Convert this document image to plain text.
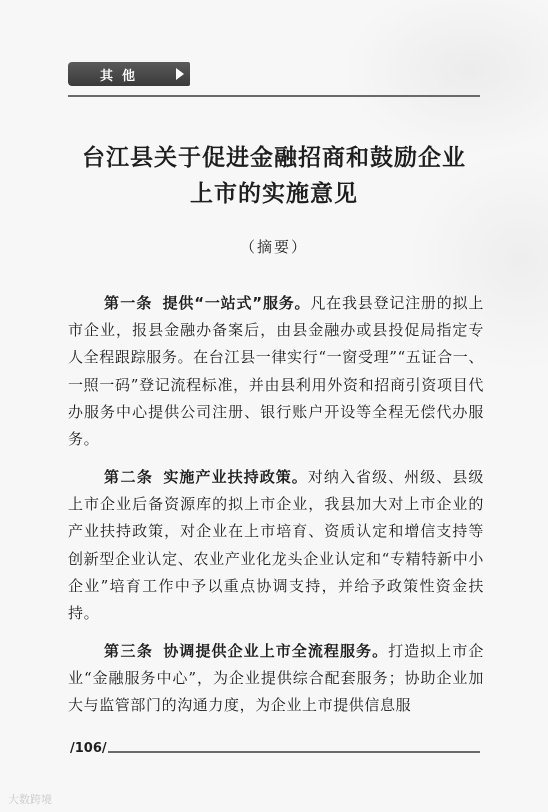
其他
台江县关于促进金融招商和鼓励企业
上市的实施意见
（摘要）

第一条 提供“一站式”服务。凡在我县登记注册的拟上市企业，报县金融办备案后，由县金融办或县投促局指定专人全程跟踪服务。在台江县一律实行“一窗受理”“五证合一、一照一码”登记流程标准，并由县利用外资和招商引资项目代办服务中心提供公司注册、银行账户开设等全程无偿代办服务。

第二条 实施产业扶持政策。对纳入省级、州级、县级上市企业后备资源库的拟上市企业，我县加大对上市企业的产业扶持政策，对企业在上市培育、资质认定和增信支持等创新型企业认定、农业产业化龙头企业认定和“专精特新中小企业”培育工作中予以重点协调支持，并给予政策性资金扶持。

第三条 协调提供企业上市全流程服务。打造拟上市企业“金融服务中心”，为企业提供综合配套服务；协助企业加大与监管部门的沟通力度，为企业上市提供信息服

/106/
大数跨境
